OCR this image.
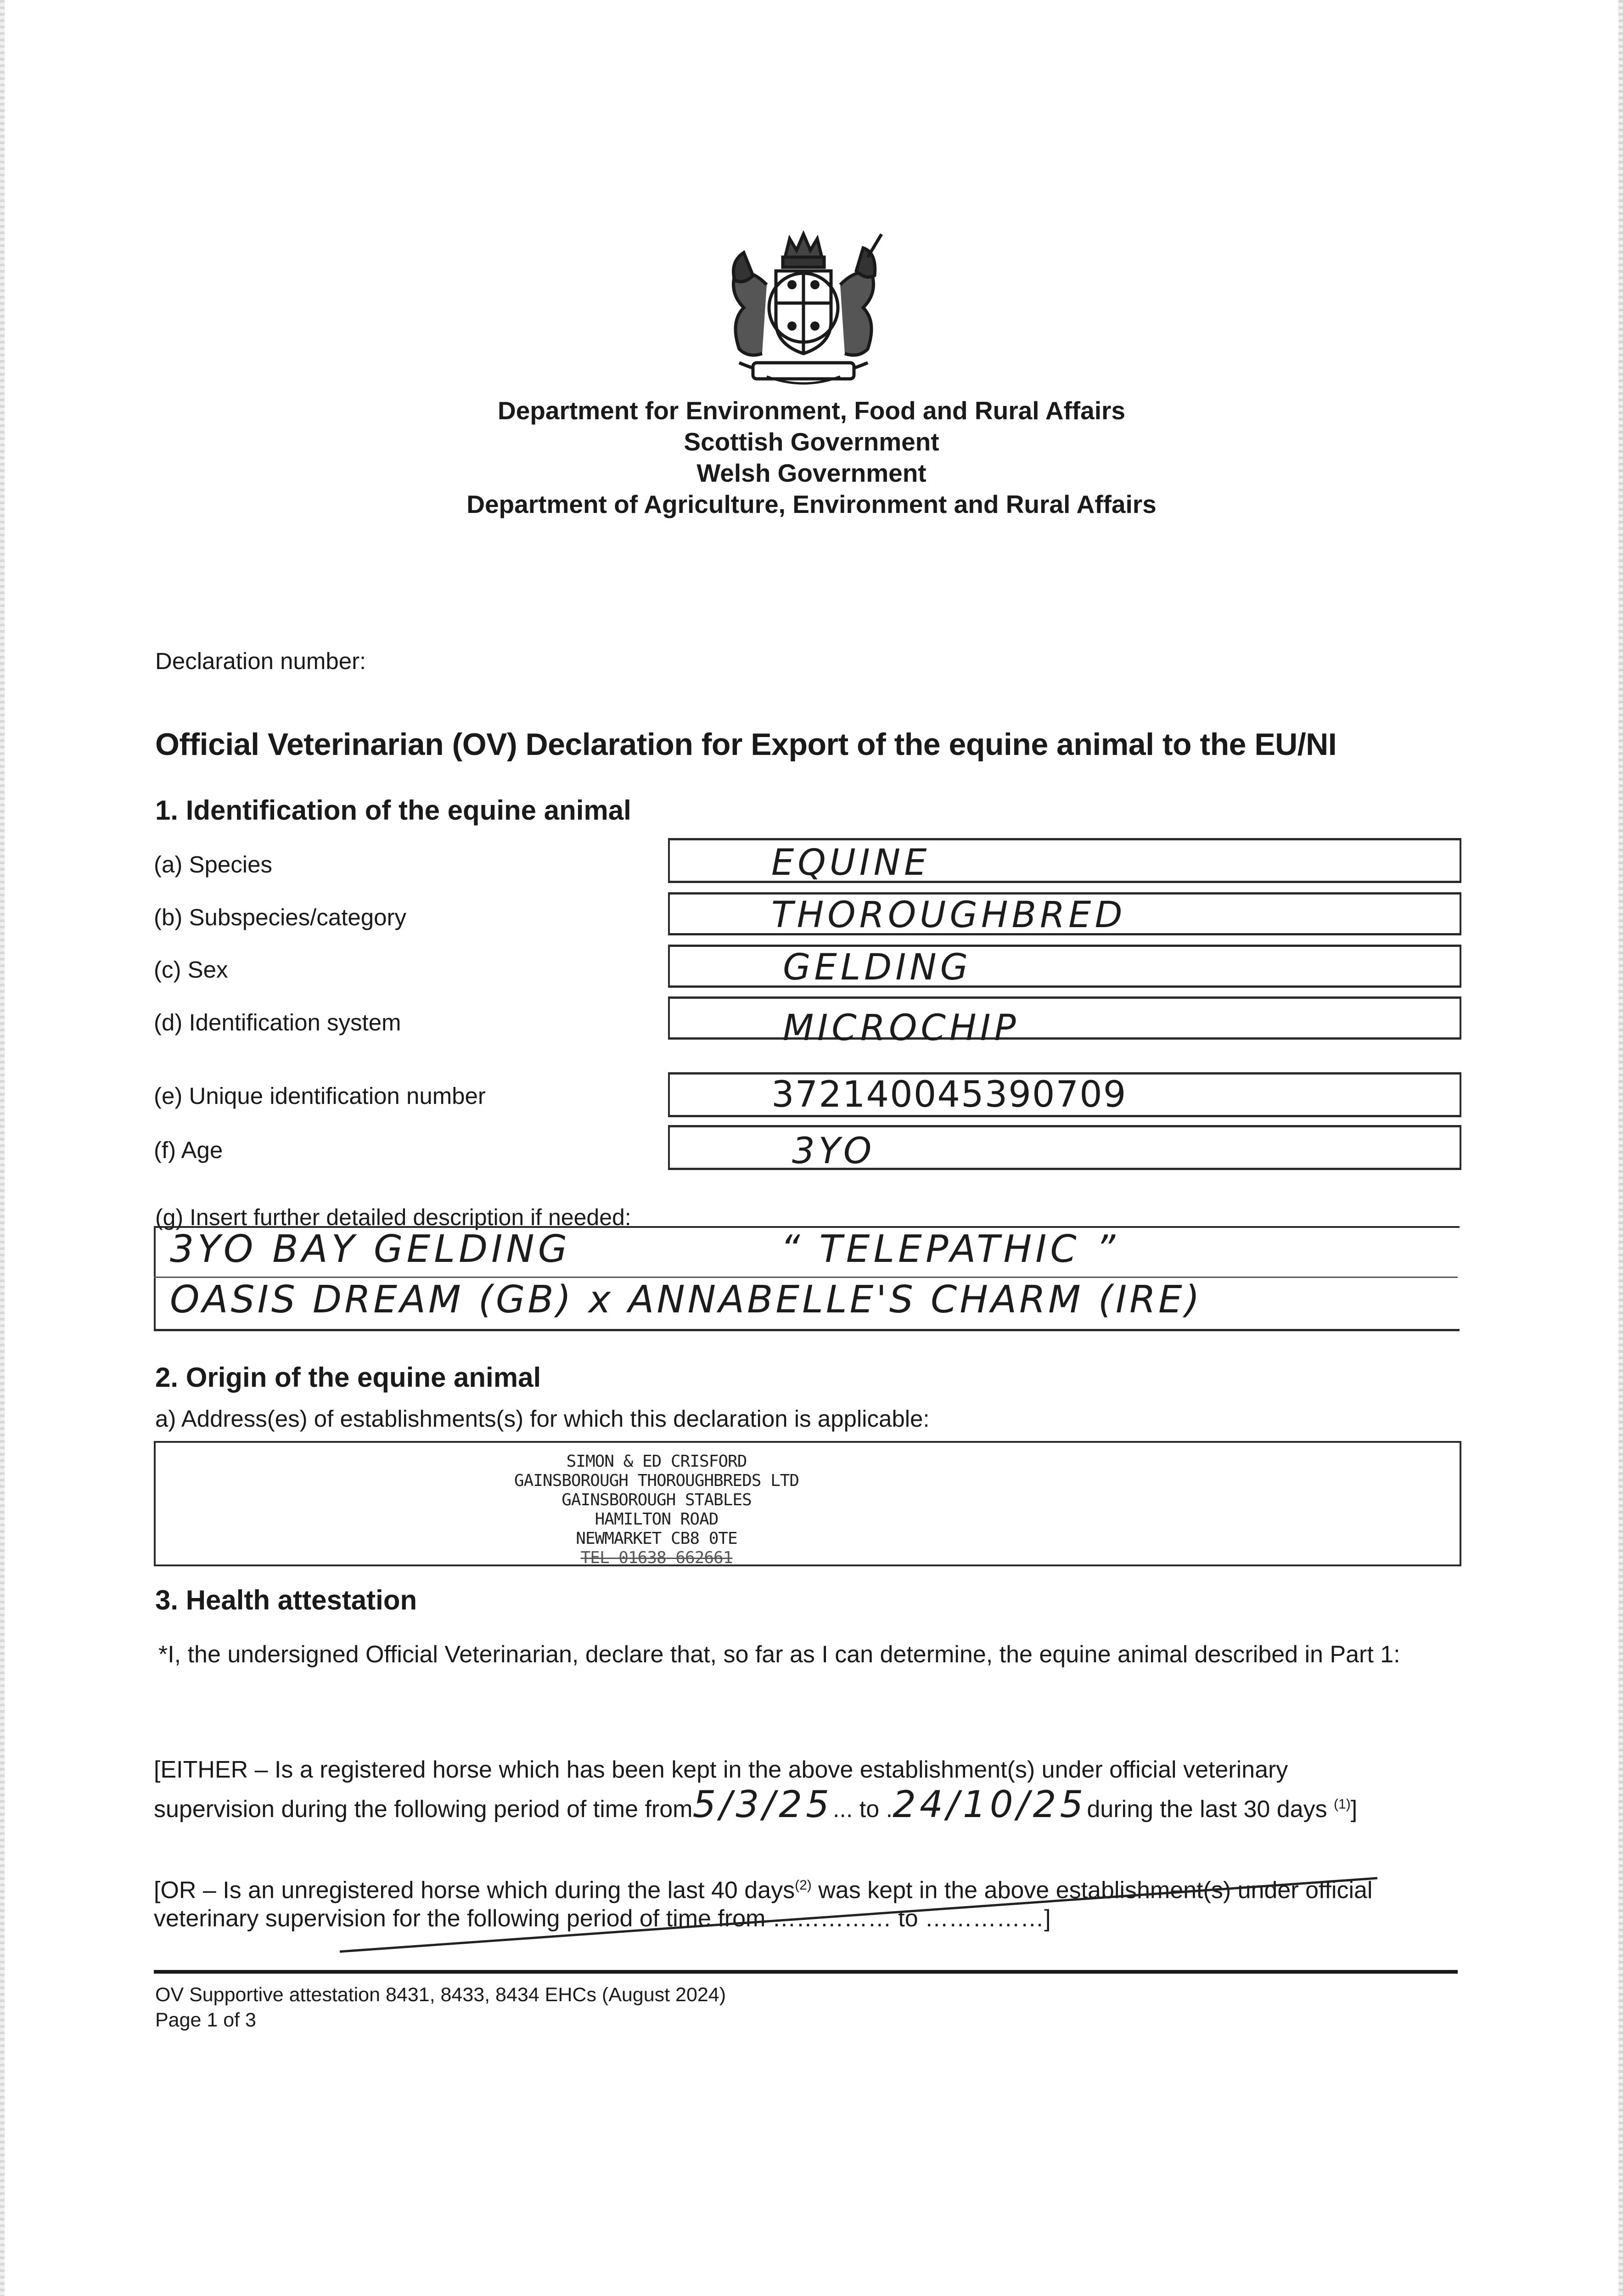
Department for Environment, Food and Rural Affairs
Scottish Government
Welsh Government
Department of Agriculture, Environment and Rural Affairs
Declaration number:
Official Veterinarian (OV) Declaration for Export of the equine animal to the EU/NI
1. Identification of the equine animal
(a) Species	EQUINE
(b) Subspecies/category	THOROUGHBRED
(c) Sex	GELDING
(d) Identification system	MICROCHIP
(e) Unique identification number	372140045390709
(f) Age	3YO
(g) Insert further detailed description if needed:
3YO BAY GELDING	“ TELEPATHIC ”
OASIS DREAM (GB) x ANNABELLE'S CHARM (IRE)
2. Origin of the equine animal
a) Address(es) of establishments(s) for which this declaration is applicable:
SIMON & ED CRISFORD
GAINSBOROUGH THOROUGHBREDS LTD
GAINSBOROUGH STABLES
HAMILTON ROAD
NEWMARKET CB8 0TE
TEL 01638 662661
3. Health attestation
*I, the undersigned Official Veterinarian, declare that, so far as I can determine, the equine animal described in Part 1:
[EITHER – Is a registered horse which has been kept in the above establishment(s) under official veterinary
supervision during the following period of time from5/3/25... to .24/10/25during the last 30 days $^{(1)}$]
[OR – Is an unregistered horse which during the last 40 days$^{(2)}$ was kept in the above establishment(s) under official
veterinary supervision for the following period of time from …………… to ……………]
OV Supportive attestation 8431, 8433, 8434 EHCs (August 2024)
Page 1 of 3
